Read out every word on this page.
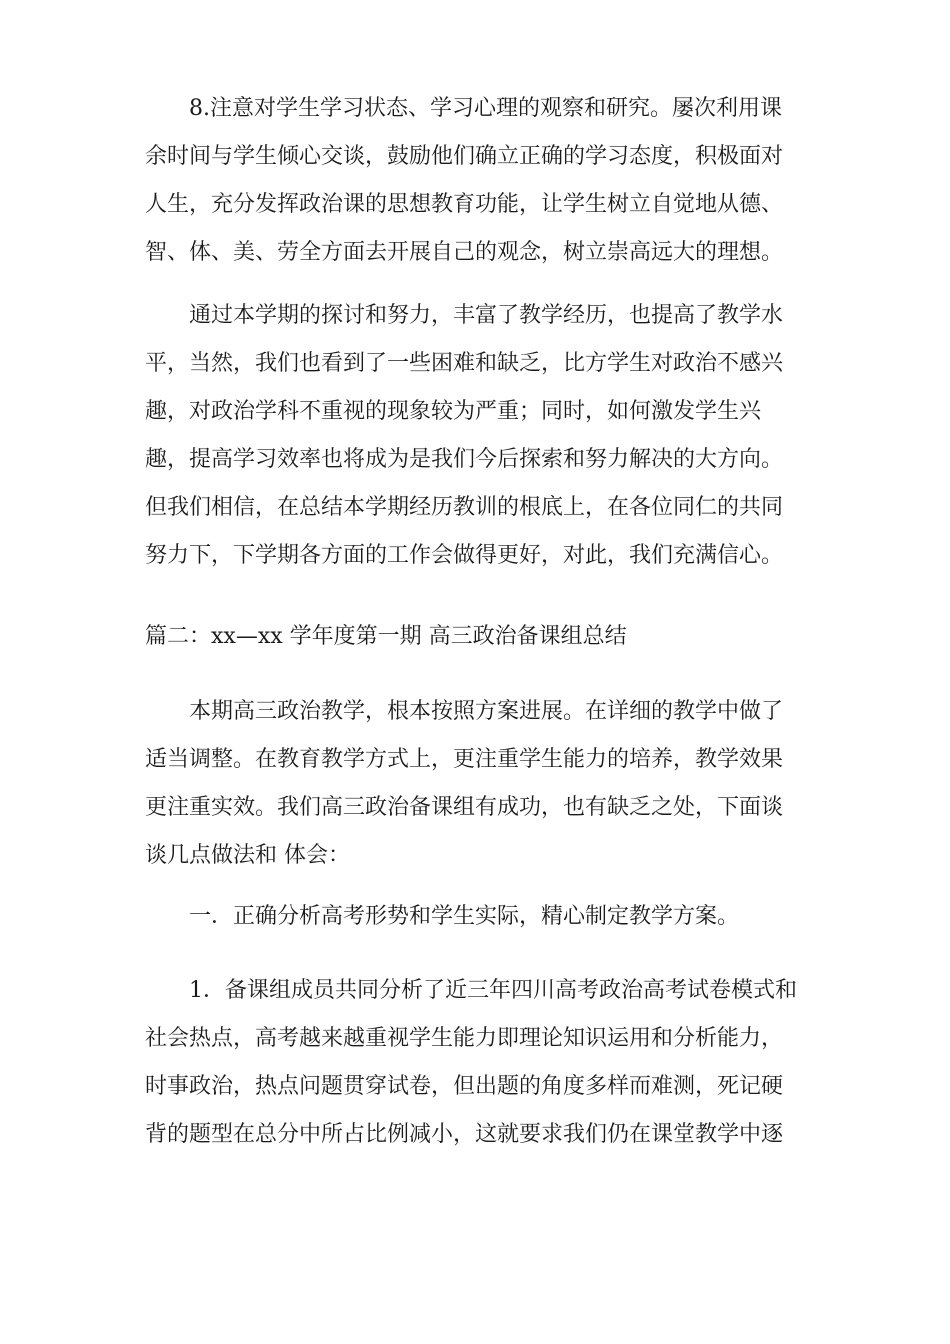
8.注意对学生学习状态、学习心理的观察和研究。屡次利用课
余时间与学生倾心交谈，鼓励他们确立正确的学习态度，积极面对
人生，充分发挥政治课的思想教育功能，让学生树立自觉地从德、
智、体、美、劳全方面去开展自己的观念，树立崇高远大的理想。
通过本学期的探讨和努力，丰富了教学经历，也提高了教学水
平，当然，我们也看到了一些困难和缺乏，比方学生对政治不感兴
趣，对政治学科不重视的现象较为严重；同时，如何激发学生兴
趣，提高学习效率也将成为是我们今后探索和努力解决的大方向。
但我们相信，在总结本学期经历教训的根底上，在各位同仁的共同
努力下，下学期各方面的工作会做得更好，对此，我们充满信心。
篇二：xx—xx 学年度第一期 高三政治备课组总结
本期高三政治教学，根本按照方案进展。在详细的教学中做了
适当调整。在教育教学方式上，更注重学生能力的培养，教学效果
更注重实效。我们高三政治备课组有成功，也有缺乏之处，下面谈
谈几点做法和 体会：
一．正确分析高考形势和学生实际，精心制定教学方案。
1．备课组成员共同分析了近三年四川高考政治高考试卷模式和
社会热点，高考越来越重视学生能力即理论知识运用和分析能力，
时事政治，热点问题贯穿试卷，但出题的角度多样而难测，死记硬
背的题型在总分中所占比例减小，这就要求我们仍在课堂教学中逐
